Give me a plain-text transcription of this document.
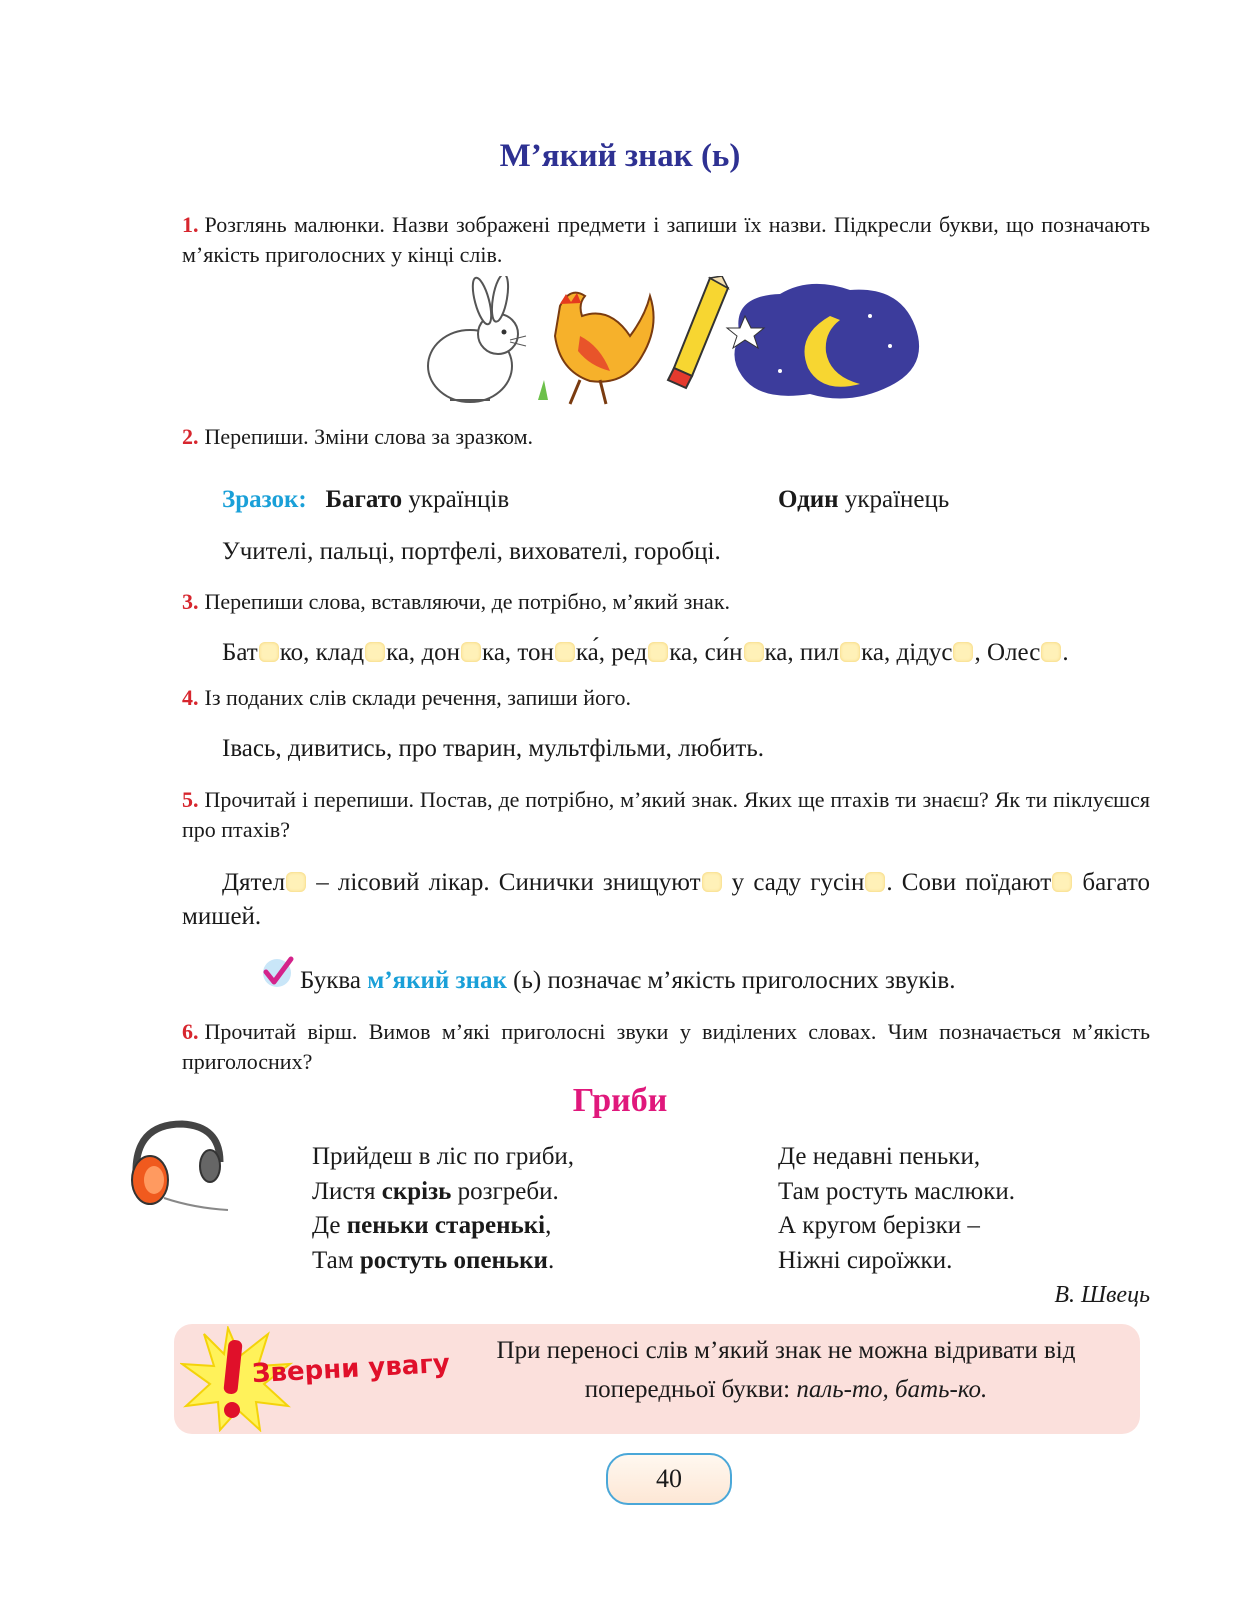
М’який знак (ь)
1. Розглянь малюнки. Назви зображені предмети і запиши їх назви. Підкресли букви, що позначають м’якість приголосних у кінці слів.
2. Перепиши. Зміни слова за зразком.
Зразок: Багато українців	Один українець
Учителі, пальці, портфелі, вихователі, горобці.
3. Перепиши слова, вставляючи, де потрібно, м’який знак.
Бат ко, клад ка, дон ка, тон ка́, ред ка, си́н ка, пил ка, дідус , Олес .
4. Із поданих слів склади речення, запиши його.
Івась, дивитись, про тварин, мультфільми, любить.
5. Прочитай і перепиши. Постав, де потрібно, м’який знак. Яких ще птахів ти знаєш? Як ти піклуєшся про птахів?
Дятел – лісовий лікар. Синички знищуют у саду гусін . Сови поїдают багато мишей.
Буква м’який знак (ь) позначає м’якість приголосних звуків.
6. Прочитай вірш. Вимов м’які приголосні звуки у виділених словах. Чим позначається м’якість приголосних?
Гриби
Прийдеш в ліс по гриби,
Листя скрізь розгреби.
Де пеньки старенькі,
Там ростуть опеньки.
Де недавні пеньки,
Там ростуть маслюки.
А кругом берізки –
Ніжні сироїжки.
В. Швець
Зверни увагу	При переносі слів м’який знак не можна відривати від попередньої букви: паль-то, бать-ко.
40
